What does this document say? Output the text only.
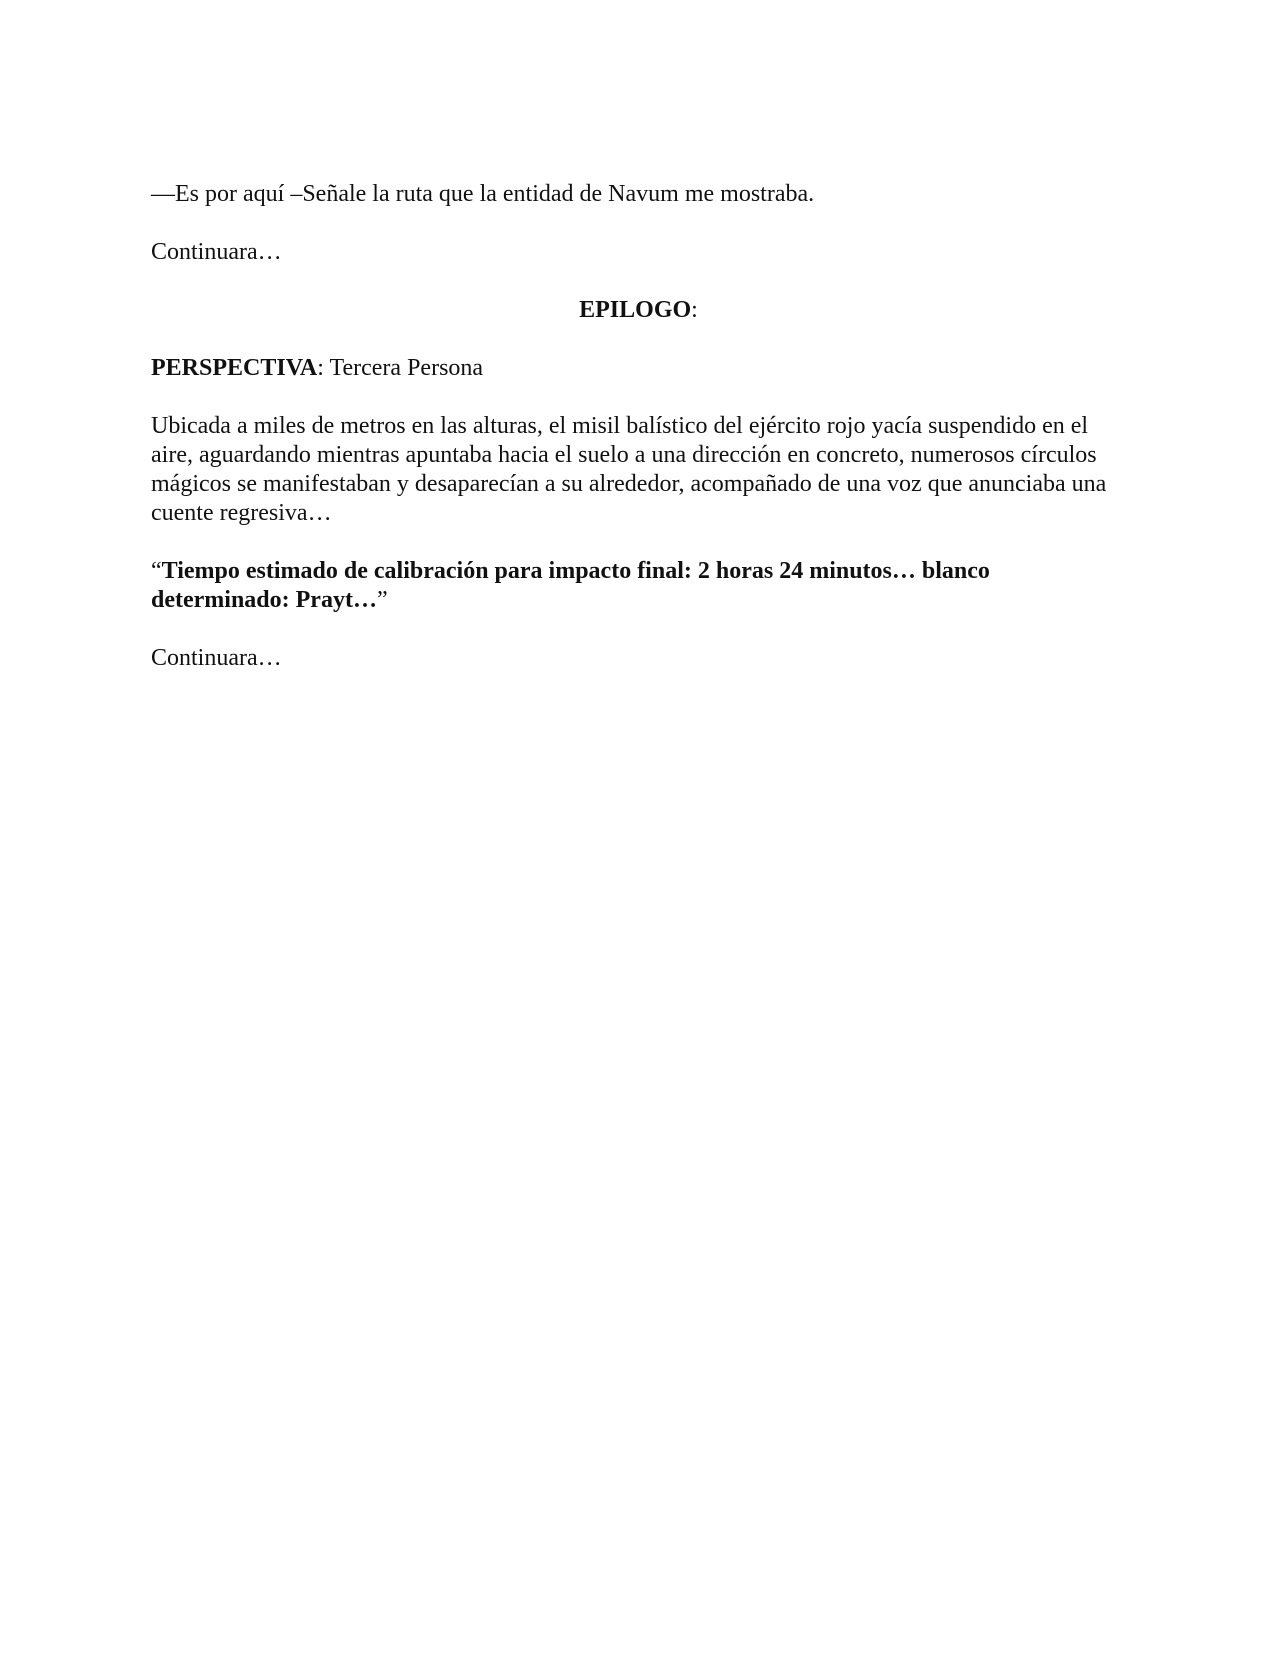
—Es por aquí –Señale la ruta que la entidad de Navum me mostraba.

Continuara…

EPILOGO:

PERSPECTIVA: Tercera Persona

Ubicada a miles de metros en las alturas, el misil balístico del ejército rojo yacía suspendido en el aire, aguardando mientras apuntaba hacia el suelo a una dirección en concreto, numerosos círculos mágicos se manifestaban y desaparecían a su alrededor, acompañado de una voz que anunciaba una cuente regresiva…

“Tiempo estimado de calibración para impacto final: 2 horas 24 minutos… blanco determinado: Prayt…”

Continuara…
